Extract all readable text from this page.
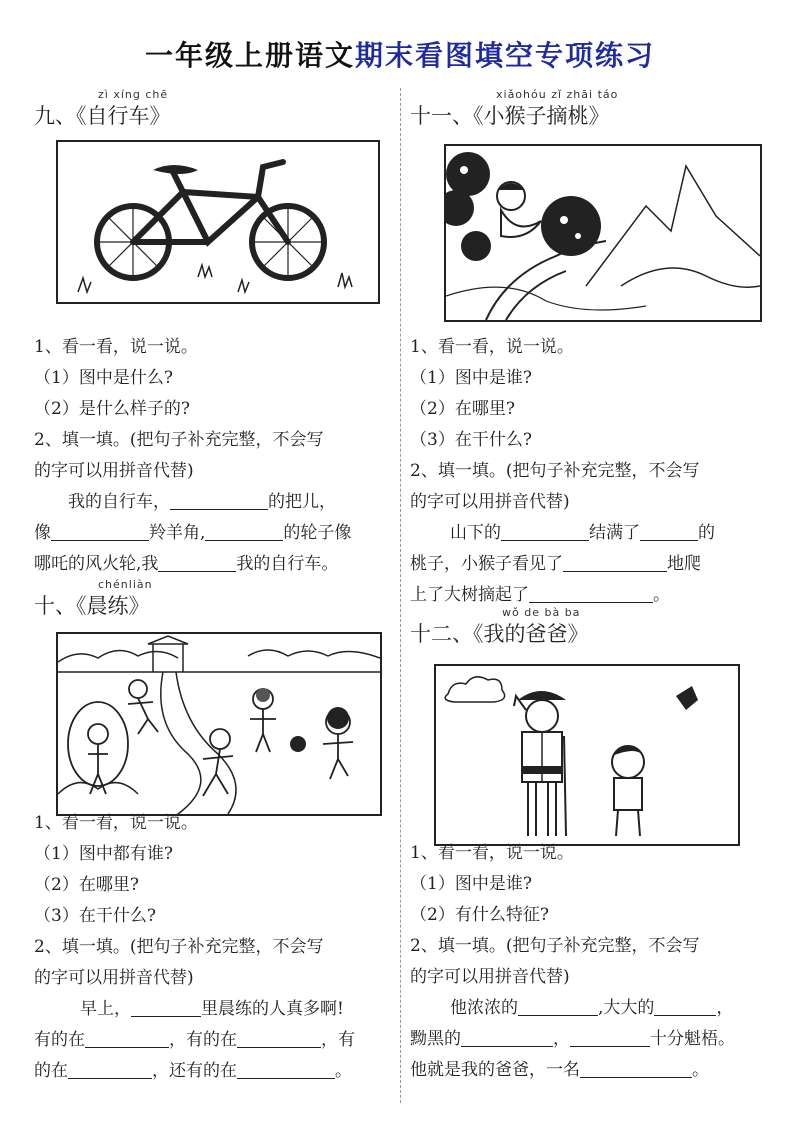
一年级上册语文期末看图填空专项练习
zì xíng chē
九、《自行车》
1、看一看，说一说。
（1）图中是什么?
（2）是什么样子的?
2、填一填。(把句子补充完整，不会写
的字可以用拼音代替)
我的自行车，	的把儿，
像	羚羊角,	的轮子像
哪吒的风火轮,我	我的自行车。
chénliàn
十、《晨练》
1、看一看，说一说。
（1）图中都有谁?
（2）在哪里?
（3）在干什么?
2、填一填。(把句子补充完整，不会写
的字可以用拼音代替)
早上，	里晨练的人真多啊!
有的在	，有的在	，有
的在	，还有的在	。
xiǎohóu zǐ zhāi táo
十一、《小猴子摘桃》
1、看一看，说一说。
（1）图中是谁?
（2）在哪里?
（3）在干什么?
2、填一填。(把句子补充完整，不会写
的字可以用拼音代替)
山下的	结满了	的
桃子，小猴子看见了	地爬
上了大树摘起了	。
wǒ de bà ba
十二、《我的爸爸》
1、看一看，说一说。
（1）图中是谁?
（2）有什么特征?
2、填一填。(把句子补充完整，不会写
的字可以用拼音代替)
他浓浓的	,大大的	，
黝黑的	，	十分魁梧。
他就是我的爸爸，一名	。
